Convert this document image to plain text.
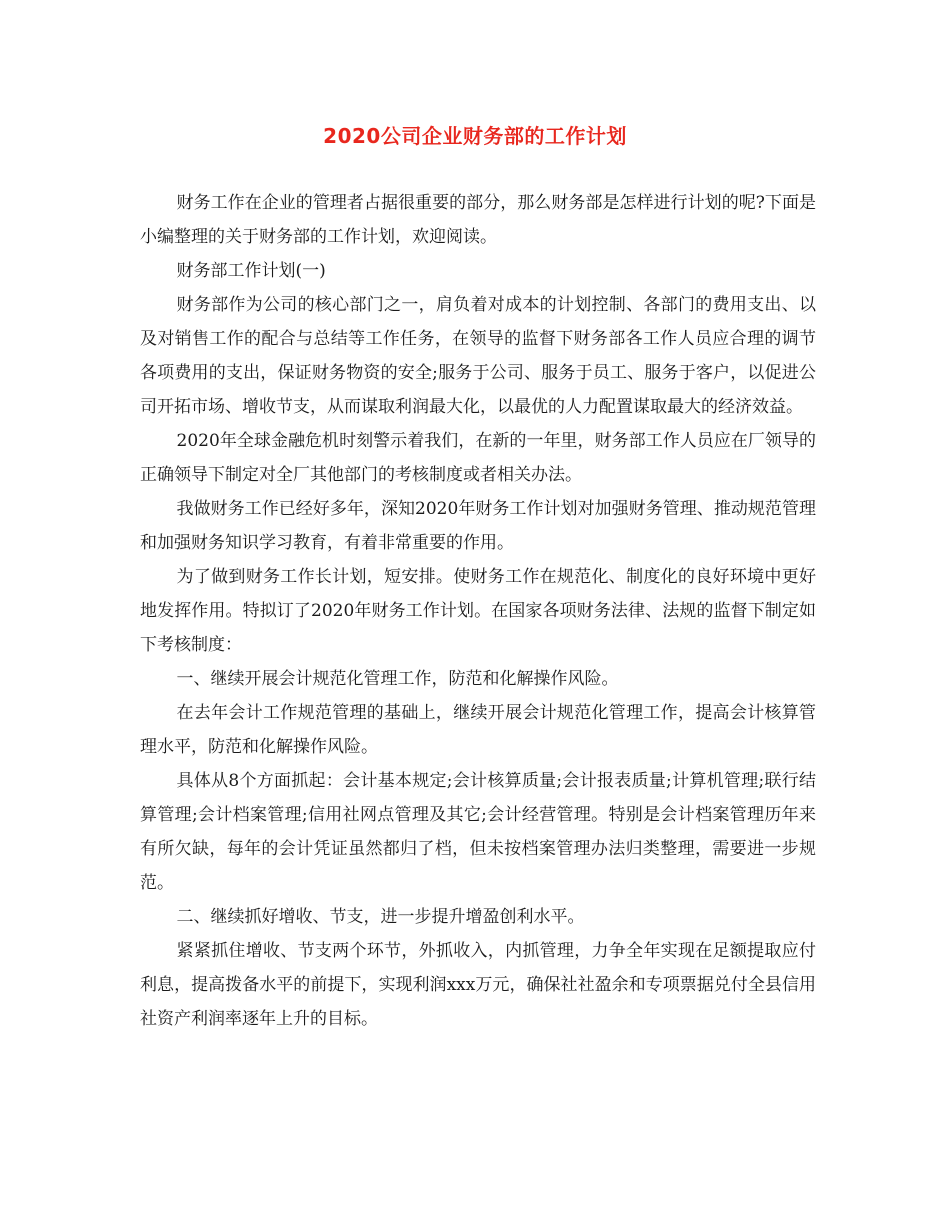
2020公司企业财务部的工作计划

财务工作在企业的管理者占据很重要的部分，那么财务部是怎样进行计划的呢?下面是小编整理的关于财务部的工作计划，欢迎阅读。

财务部工作计划(一)

财务部作为公司的核心部门之一，肩负着对成本的计划控制、各部门的费用支出、以及对销售工作的配合与总结等工作任务，在领导的监督下财务部各工作人员应合理的调节各项费用的支出，保证财务物资的安全;服务于公司、服务于员工、服务于客户，以促进公司开拓市场、增收节支，从而谋取利润最大化，以最优的人力配置谋取最大的经济效益。

2020年全球金融危机时刻警示着我们，在新的一年里，财务部工作人员应在厂领导的正确领导下制定对全厂其他部门的考核制度或者相关办法。

我做财务工作已经好多年，深知2020年财务工作计划对加强财务管理、推动规范管理和加强财务知识学习教育，有着非常重要的作用。

为了做到财务工作长计划，短安排。使财务工作在规范化、制度化的良好环境中更好地发挥作用。特拟订了2020年财务工作计划。在国家各项财务法律、法规的监督下制定如下考核制度：

一、继续开展会计规范化管理工作，防范和化解操作风险。

在去年会计工作规范管理的基础上，继续开展会计规范化管理工作，提高会计核算管理水平，防范和化解操作风险。

具体从8个方面抓起：会计基本规定;会计核算质量;会计报表质量;计算机管理;联行结算管理;会计档案管理;信用社网点管理及其它;会计经营管理。特别是会计档案管理历年来有所欠缺，每年的会计凭证虽然都归了档，但未按档案管理办法归类整理，需要进一步规范。

二、继续抓好增收、节支，进一步提升增盈创利水平。

紧紧抓住增收、节支两个环节，外抓收入，内抓管理，力争全年实现在足额提取应付利息，提高拨备水平的前提下，实现利润xxx万元，确保社社盈余和专项票据兑付全县信用社资产利润率逐年上升的目标。
